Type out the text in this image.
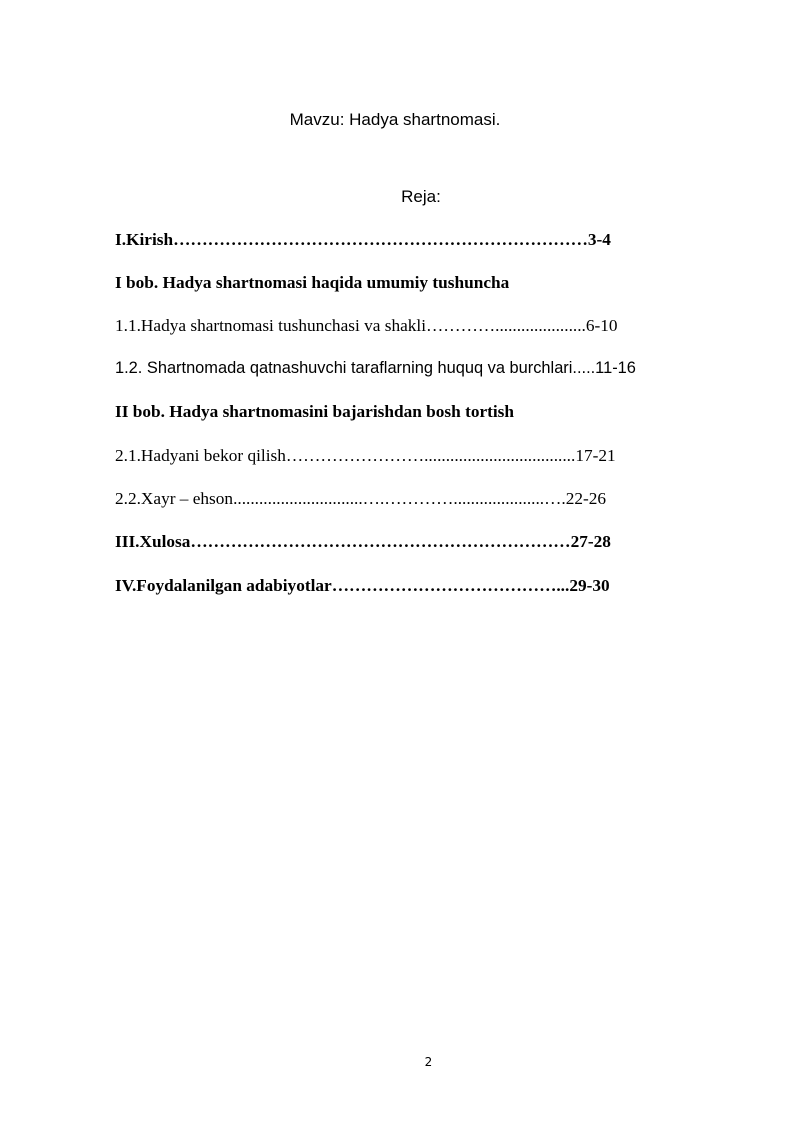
Mavzu: Hadya shartnomasi.
Reja:
I.Kirish………………………………………………………………3-4
I bob. Hadya shartnomasi haqida umumiy tushuncha
1.1.Hadya shartnomasi tushunchasi va shakli………….....................6-10
1.2. Shartnomada qatnashuvchi taraflarning huquq va burchlari.....11-16
II bob. Hadya shartnomasini bajarishdan bosh tortish
2.1.Hadyani bekor qilish……………………...................................17-21
2.2.Xayr – ehson..............................….………….....................….22-26
III.Xulosa…………………………………………………………27-28
IV.Foydalanilgan adabiyotlar…………………………………...29-30
2
